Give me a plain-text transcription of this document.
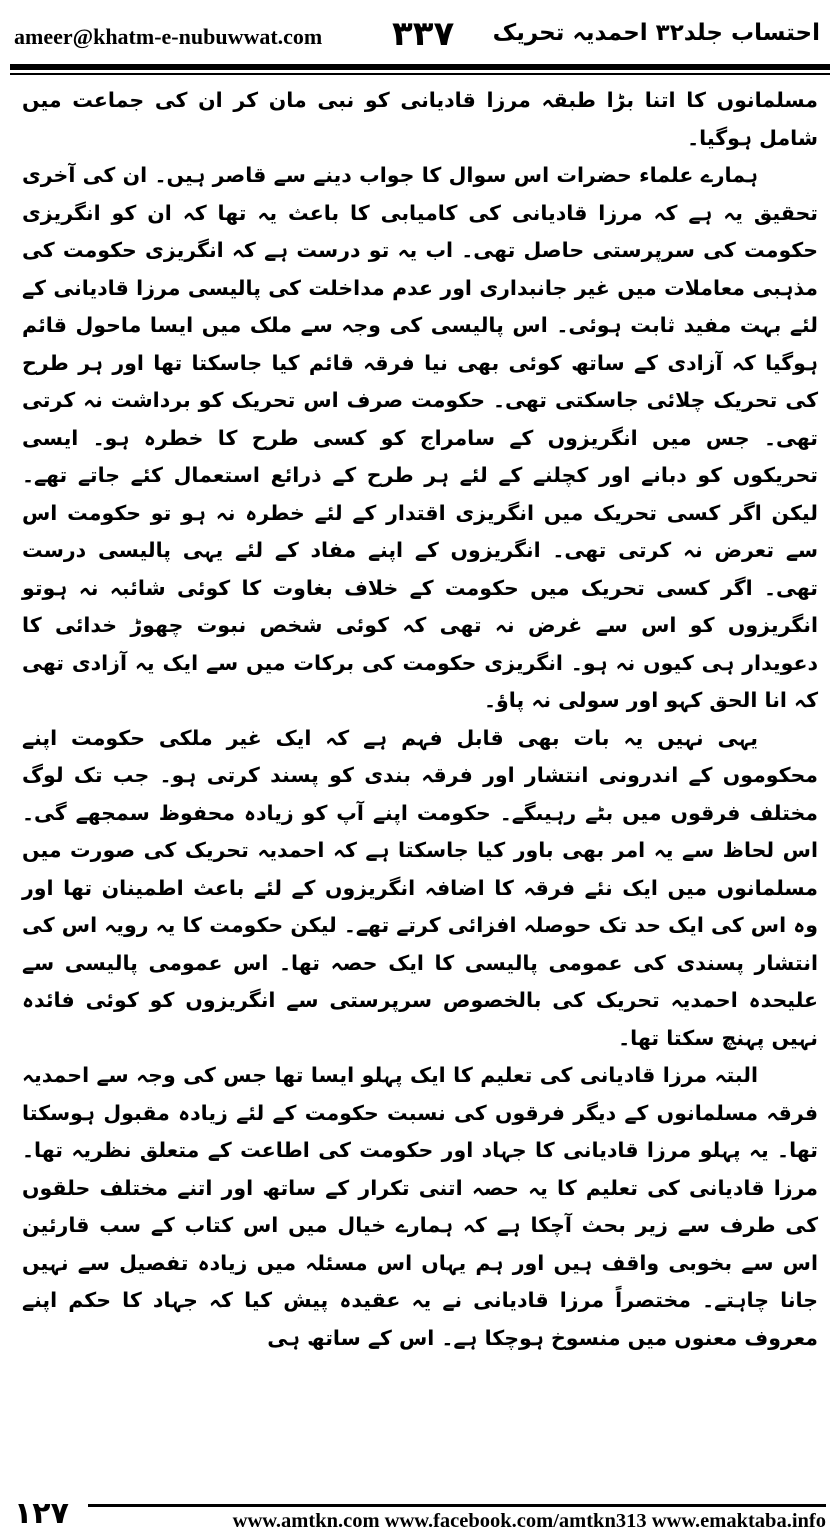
ameer@khatm-e-nubuwwat.com ۳۳۷ احتساب جلد۳۲ احمدیہ تحریک

مسلمانوں کا اتنا بڑا طبقہ مرزا قادیانی کو نبی مان کر ان کی جماعت میں شامل ہوگیا۔

ہمارے علماء حضرات اس سوال کا جواب دینے سے قاصر ہیں۔ ان کی آخری تحقیق یہ ہے کہ مرزا قادیانی کی کامیابی کا باعث یہ تھا کہ ان کو انگریزی حکومت کی سرپرستی حاصل تھی۔ اب یہ تو درست ہے کہ انگریزی حکومت کی مذہبی معاملات میں غیر جانبداری اور عدم مداخلت کی پالیسی مرزا قادیانی کے لئے بہت مفید ثابت ہوئی۔ اس پالیسی کی وجہ سے ملک میں ایسا ماحول قائم ہوگیا کہ آزادی کے ساتھ کوئی بھی نیا فرقہ قائم کیا جاسکتا تھا اور ہر طرح کی تحریک چلائی جاسکتی تھی۔ حکومت صرف اس تحریک کو برداشت نہ کرتی تھی۔ جس میں انگریزوں کے سامراج کو کسی طرح کا خطرہ ہو۔ ایسی تحریکوں کو دبانے اور کچلنے کے لئے ہر طرح کے ذرائع استعمال کئے جاتے تھے۔ لیکن اگر کسی تحریک میں انگریزی اقتدار کے لئے خطرہ نہ ہو تو حکومت اس سے تعرض نہ کرتی تھی۔ انگریزوں کے اپنے مفاد کے لئے یہی پالیسی درست تھی۔ اگر کسی تحریک میں حکومت کے خلاف بغاوت کا کوئی شائبہ نہ ہوتو انگریزوں کو اس سے غرض نہ تھی کہ کوئی شخص نبوت چھوڑ خدائی کا دعویدار ہی کیوں نہ ہو۔ انگریزی حکومت کی برکات میں سے ایک یہ آزادی تھی کہ انا الحق کہو اور سولی نہ پاؤ۔

یہی نہیں یہ بات بھی قابل فہم ہے کہ ایک غیر ملکی حکومت اپنے محکوموں کے اندرونی انتشار اور فرقہ بندی کو پسند کرتی ہو۔ جب تک لوگ مختلف فرقوں میں بٹے رہیںگے۔ حکومت اپنے آپ کو زیادہ محفوظ سمجھے گی۔ اس لحاظ سے یہ امر بھی باور کیا جاسکتا ہے کہ احمدیہ تحریک کی صورت میں مسلمانوں میں ایک نئے فرقہ کا اضافہ انگریزوں کے لئے باعث اطمینان تھا اور وہ اس کی ایک حد تک حوصلہ افزائی کرتے تھے۔ لیکن حکومت کا یہ رویہ اس کی انتشار پسندی کی عمومی پالیسی کا ایک حصہ تھا۔ اس عمومی پالیسی سے علیحدہ احمدیہ تحریک کی بالخصوص سرپرستی سے انگریزوں کو کوئی فائدہ نہیں پہنچ سکتا تھا۔

البتہ مرزا قادیانی کی تعلیم کا ایک پہلو ایسا تھا جس کی وجہ سے احمدیہ فرقہ مسلمانوں کے دیگر فرقوں کی نسبت حکومت کے لئے زیادہ مقبول ہوسکتا تھا۔ یہ پہلو مرزا قادیانی کا جہاد اور حکومت کی اطاعت کے متعلق نظریہ تھا۔ مرزا قادیانی کی تعلیم کا یہ حصہ اتنی تکرار کے ساتھ اور اتنے مختلف حلقوں کی طرف سے زیر بحث آچکا ہے کہ ہمارے خیال میں اس کتاب کے سب قارئین اس سے بخوبی واقف ہیں اور ہم یہاں اس مسئلہ میں زیادہ تفصیل سے نہیں جانا چاہتے۔ مختصراً مرزا قادیانی نے یہ عقیدہ پیش کیا کہ جہاد کا حکم اپنے معروف معنوں میں منسوخ ہوچکا ہے۔ اس کے ساتھ ہی

۱۲۷	www.amtkn.com www.facebook.com/amtkn313 www.emaktaba.info
